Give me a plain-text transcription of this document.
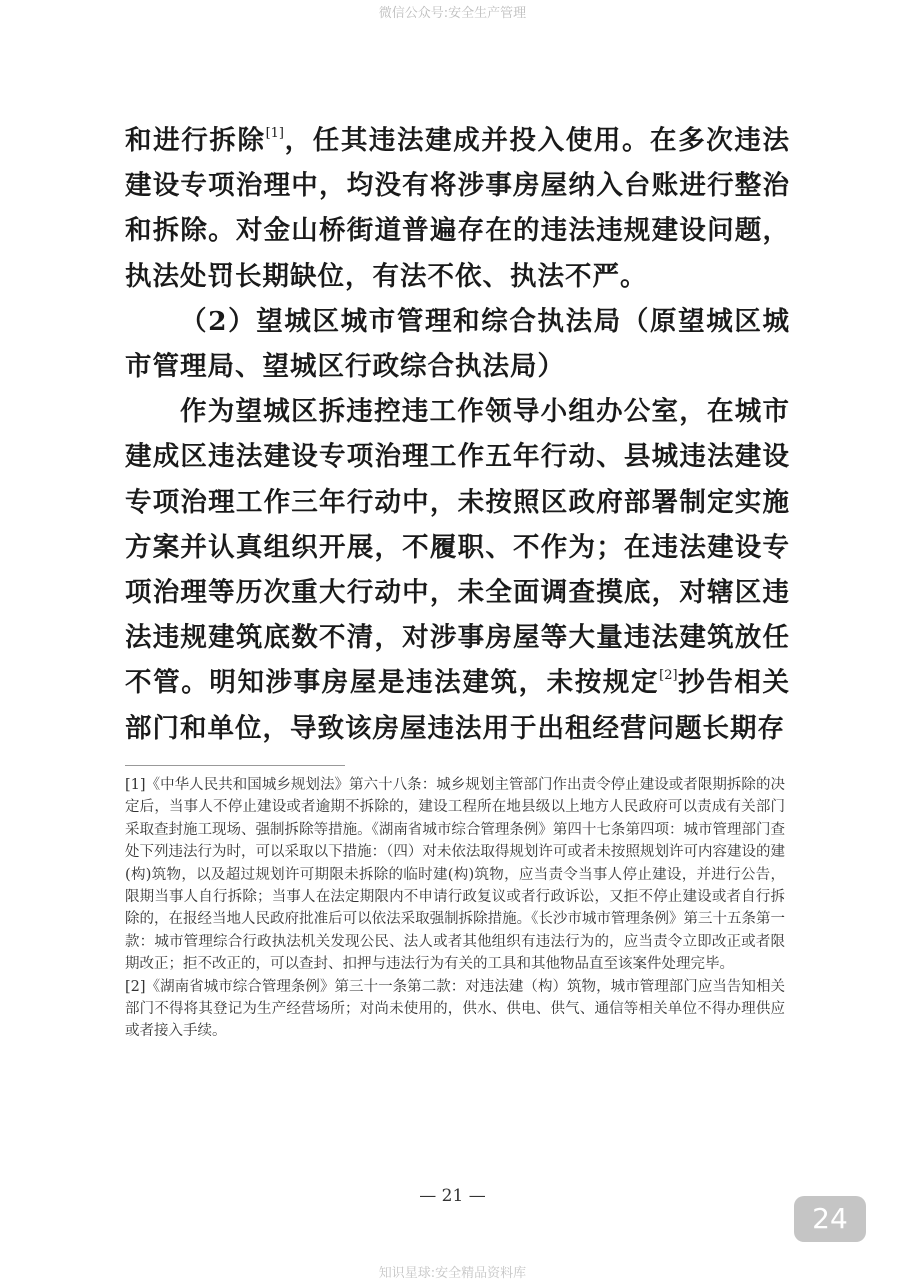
微信公众号:安全生产管理

和进行拆除[1]，任其违法建成并投入使用。在多次违法建设专项治理中，均没有将涉事房屋纳入台账进行整治和拆除。对金山桥街道普遍存在的违法违规建设问题，执法处罚长期缺位，有法不依、执法不严。

（2）望城区城市管理和综合执法局（原望城区城市管理局、望城区行政综合执法局）

作为望城区拆违控违工作领导小组办公室，在城市建成区违法建设专项治理工作五年行动、县城违法建设专项治理工作三年行动中，未按照区政府部署制定实施方案并认真组织开展，不履职、不作为；在违法建设专项治理等历次重大行动中，未全面调查摸底，对辖区违法违规建筑底数不清，对涉事房屋等大量违法建筑放任不管。明知涉事房屋是违法建筑，未按规定[2]抄告相关部门和单位，导致该房屋违法用于出租经营问题长期存

[1]《中华人民共和国城乡规划法》第六十八条：城乡规划主管部门作出责令停止建设或者限期拆除的决定后，当事人不停止建设或者逾期不拆除的，建设工程所在地县级以上地方人民政府可以责成有关部门采取查封施工现场、强制拆除等措施。《湖南省城市综合管理条例》第四十七条第四项：城市管理部门查处下列违法行为时，可以采取以下措施：（四）对未依法取得规划许可或者未按照规划许可内容建设的建(构)筑物，以及超过规划许可期限未拆除的临时建(构)筑物，应当责令当事人停止建设，并进行公告，限期当事人自行拆除；当事人在法定期限内不申请行政复议或者行政诉讼，又拒不停止建设或者自行拆除的，在报经当地人民政府批准后可以依法采取强制拆除措施。《长沙市城市管理条例》第三十五条第一款：城市管理综合行政执法机关发现公民、法人或者其他组织有违法行为的，应当责令立即改正或者限期改正；拒不改正的，可以查封、扣押与违法行为有关的工具和其他物品直至该案件处理完毕。

[2]《湖南省城市综合管理条例》第三十一条第二款：对违法建（构）筑物，城市管理部门应当告知相关部门不得将其登记为生产经营场所；对尚未使用的，供水、供电、供气、通信等相关单位不得办理供应或者接入手续。

— 21 —
24
知识星球:安全精品资料库
